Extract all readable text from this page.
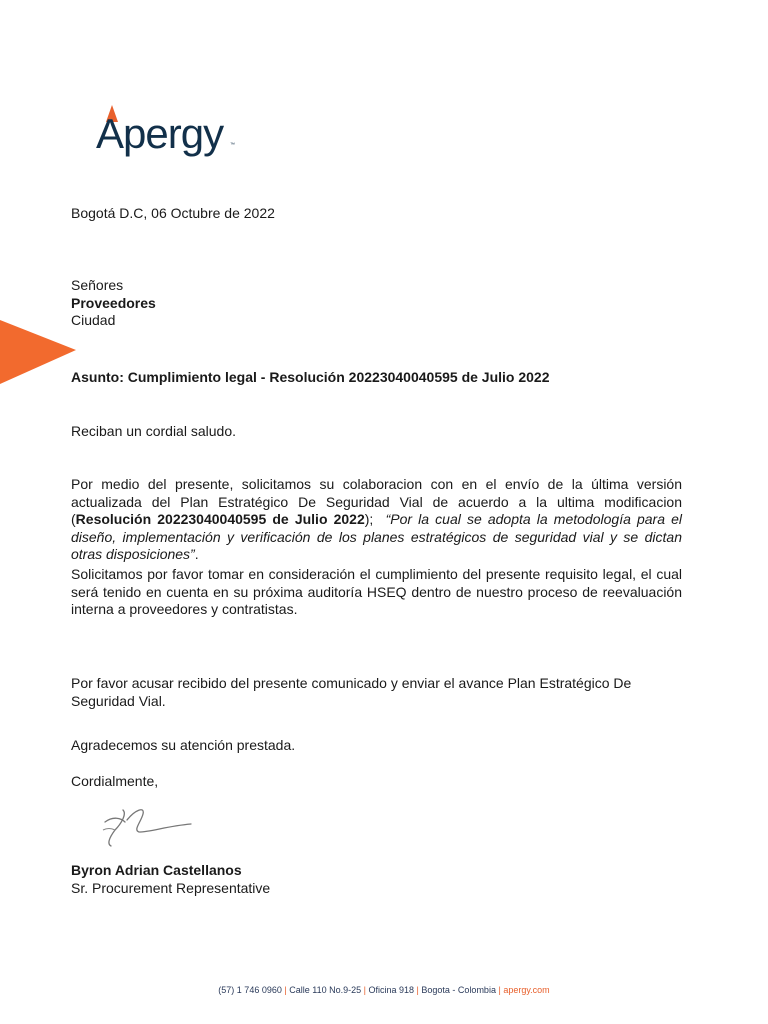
Apergy ™
Bogotá D.C, 06 Octubre de 2022
Señores
Proveedores
Ciudad
Asunto: Cumplimiento legal - Resolución 20223040040595 de Julio 2022
Reciban un cordial saludo.
Por medio del presente, solicitamos su colaboracion con en el envío de la última versión actualizada del Plan Estratégico De Seguridad Vial de acuerdo a la ultima modificacion (Resolución 20223040040595 de Julio 2022); “Por la cual se adopta la metodología para el diseño, implementación y verificación de los planes estratégicos de seguridad vial y se dictan otras disposiciones”.
Solicitamos por favor tomar en consideración el cumplimiento del presente requisito legal, el cual será tenido en cuenta en su próxima auditoría HSEQ dentro de nuestro proceso de reevaluación interna a proveedores y contratistas.
Por favor acusar recibido del presente comunicado y enviar el avance Plan Estratégico De Seguridad Vial.
Agradecemos su atención prestada.
Cordialmente,
Byron Adrian Castellanos
Sr. Procurement Representative
(57) 1 746 0960 | Calle 110 No.9-25 | Oficina 918 | Bogota - Colombia | apergy.com
